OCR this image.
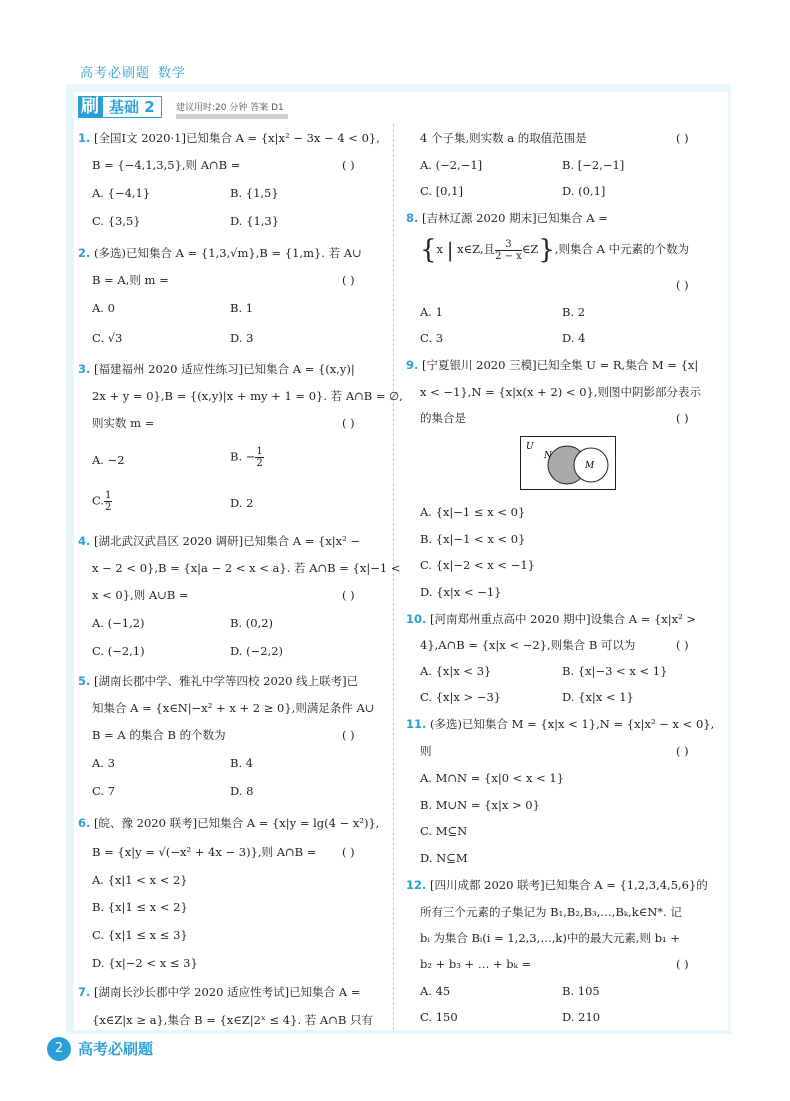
高考必刷题 数学
刷 基础 2	建议用时:20 分钟 答案 D1
1. [全国Ⅰ文 2020·1]已知集合 A = {x|x² − 3x − 4 < 0},
B = {−4,1,3,5},则 A∩B =	( )
A. {−4,1}	B. {1,5}
C. {3,5}	D. {1,3}
2. (多选)已知集合 A = {1,3,√m},B = {1,m}. 若 A∪
B = A,则 m =	( )
A. 0	B. 1
C. √3	D. 3
3. [福建福州 2020 适应性练习]已知集合 A = {(x,y)|
2x + y = 0},B = {(x,y)|x + my + 1 = 0}. 若 A∩B = ∅,
则实数 m =	( )
A. −2	B. − $\frac{1}{2}$
C. $\frac{1}{2}$	D. 2
4. [湖北武汉武昌区 2020 调研]已知集合 A = {x|x² −
x − 2 < 0},B = {x|a − 2 < x < a}. 若 A∩B = {x|−1 <
x < 0},则 A∪B =	( )
A. (−1,2)	B. (0,2)
C. (−2,1)	D. (−2,2)
5. [湖南长郡中学、雅礼中学等四校 2020 线上联考]已
知集合 A = {x∈N|−x² + x + 2 ≥ 0},则满足条件 A∪
B = A 的集合 B 的个数为	( )
A. 3	B. 4
C. 7	D. 8
6. [皖、豫 2020 联考]已知集合 A = {x|y = lg(4 − x²)},
B = {x|y = √(−x² + 4x − 3)},则 A∩B = ( )
A. {x|1 < x < 2}
B. {x|1 ≤ x < 2}
C. {x|1 ≤ x ≤ 3}
D. {x|−2 < x ≤ 3}
7. [湖南长沙长郡中学 2020 适应性考试]已知集合 A =
{x∈Z|x ≥ a},集合 B = {x∈Z|2ˣ ≤ 4}. 若 A∩B 只有
4 个子集,则实数 a 的取值范围是	( )
A. (−2,−1]	B. [−2,−1]
C. [0,1]	D. (0,1]
8. [吉林辽源 2020 期末]已知集合 A =
{x | x∈Z,且 $\frac{3}{2 - x}$ ∈Z},则集合 A 中元素的个数为
( )
A. 1	B. 2
C. 3	D. 4
9. [宁夏银川 2020 三模]已知全集 U = R,集合 M = {x|
x < −1},N = {x|x(x + 2) < 0},则图中阴影部分表示
的集合是	( )
U
N
M
A. {x|−1 ≤ x < 0}
B. {x|−1 < x < 0}
C. {x|−2 < x < −1}
D. {x|x < −1}
10. [河南郑州重点高中 2020 期中]设集合 A = {x|x² >
4},A∩B = {x|x < −2},则集合 B 可以为	( )
A. {x|x < 3}	B. {x|−3 < x < 1}
C. {x|x > −3}	D. {x|x < 1}
11. (多选)已知集合 M = {x|x < 1},N = {x|x² − x < 0},
则	( )
A. M∩N = {x|0 < x < 1}
B. M∪N = {x|x > 0}
C. M⊆N
D. N⊆M
12. [四川成都 2020 联考]已知集合 A = {1,2,3,4,5,6}的
所有三个元素的子集记为 B₁,B₂,B₃,…,Bₖ,k∈N*. 记
bᵢ 为集合 Bᵢ(i = 1,2,3,…,k)中的最大元素,则 b₁ +
b₂ + b₃ + … + bₖ =	( )
A. 45	B. 105
C. 150	D. 210
2 高考必刷题
